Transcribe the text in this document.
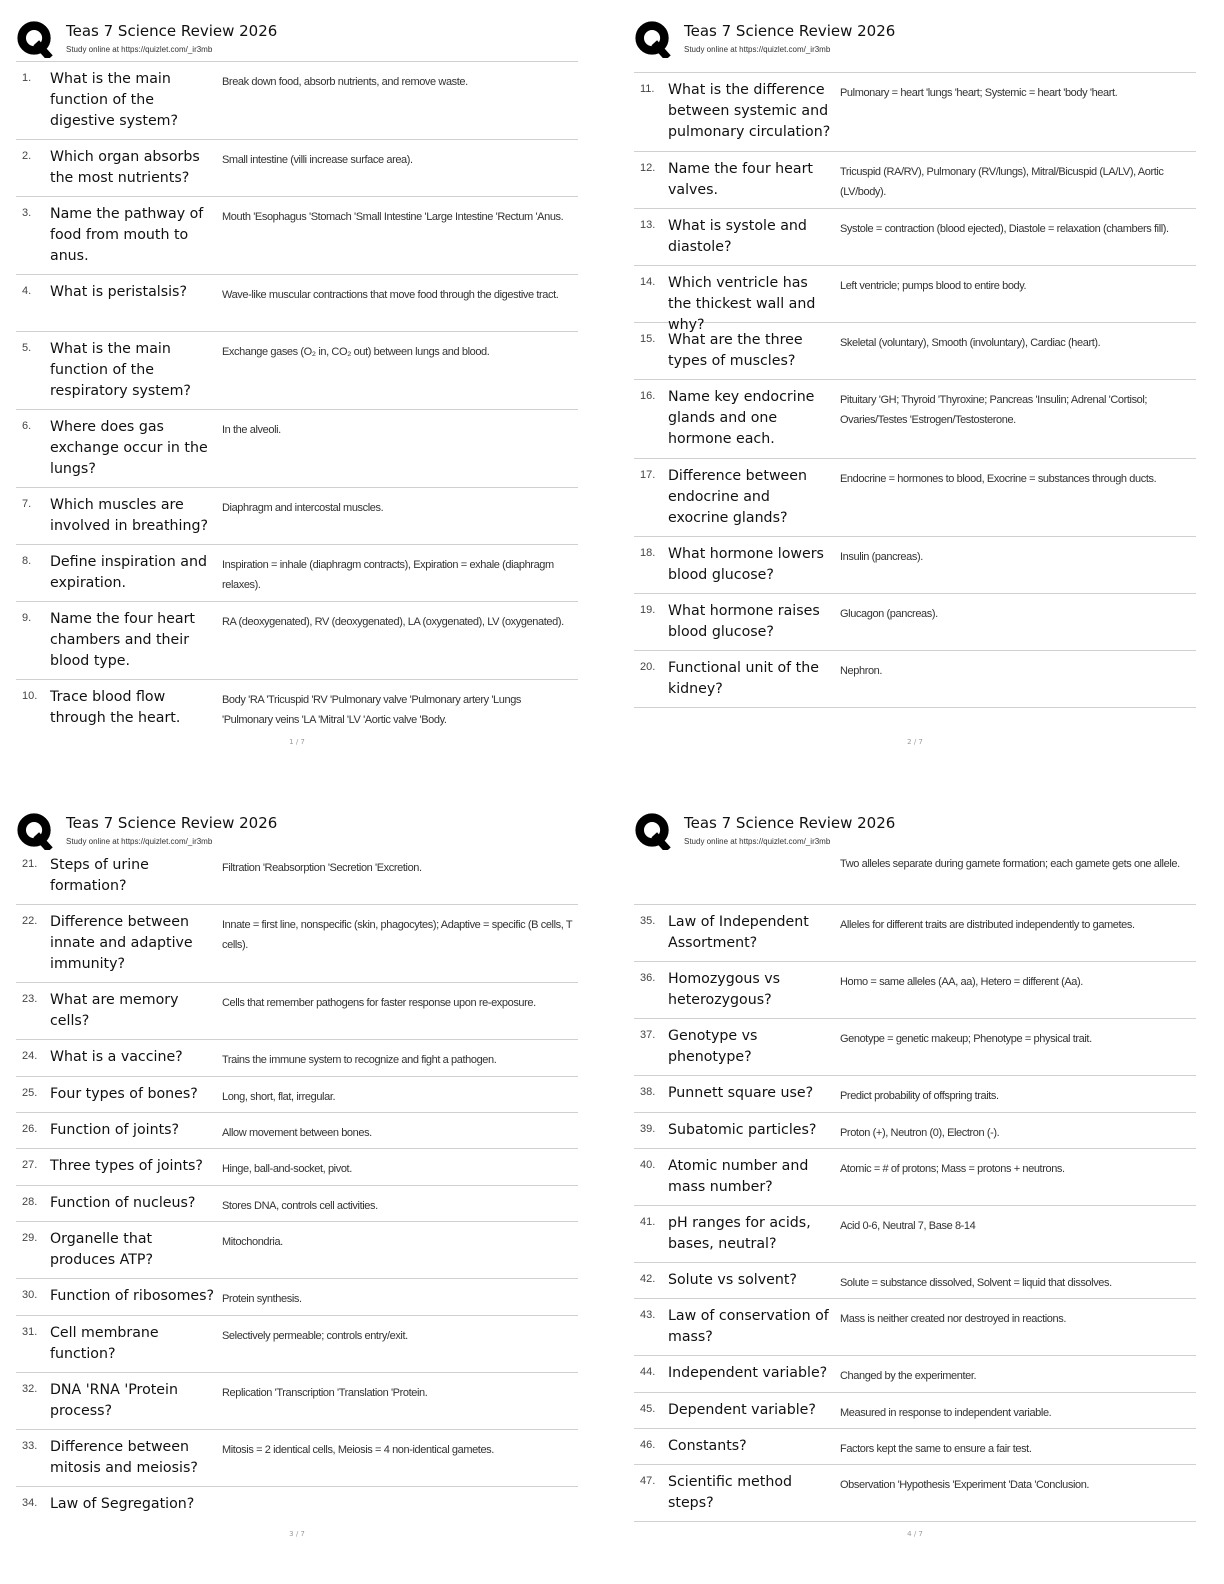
Teas 7 Science Review 2026
Study online at https://quizlet.com/_ir3mb
1. What is the main function of the digestive system?
Break down food, absorb nutrients, and remove waste.
2. Which organ absorbs the most nutrients?
Small intestine (villi increase surface area).
3. Name the pathway of food from mouth to anus.
Mouth 'Esophagus 'Stomach 'Small Intestine 'Large Intestine 'Rectum 'Anus.
4. What is peristalsis?	Wave-like muscular contractions that move food through the digestive tract.
5. What is the main function of the respiratory system?
Exchange gases (O₂ in, CO₂ out) between lungs and blood.
6. Where does gas exchange occur in the lungs?
In the alveoli.
7. Which muscles are involved in breathing?
Diaphragm and intercostal muscles.
8. Define inspiration and expiration.
Inspiration = inhale (diaphragm contracts), Expiration = exhale (diaphragm relaxes).
9. Name the four heart chambers and their blood type.
RA (deoxygenated), RV (deoxygenated), LA (oxygenated), LV (oxygenated).
10. Trace blood flow through the heart.
Body 'RA 'Tricuspid 'RV 'Pulmonary valve 'Pulmonary artery 'Lungs 'Pulmonary veins 'LA 'Mitral 'LV 'Aortic valve 'Body.
1 / 7
Teas 7 Science Review 2026
Study online at https://quizlet.com/_ir3mb
11. What is the difference between systemic and pulmonary circulation?
Pulmonary = heart 'lungs 'heart; Systemic = heart 'body 'heart.
12. Name the four heart valves.
Tricuspid (RA/RV), Pulmonary (RV/lungs), Mitral/Bicuspid (LA/LV), Aortic (LV/body).
13. What is systole and diastole?
Systole = contraction (blood ejected), Diastole = relaxation (chambers fill).
14. Which ventricle has the thickest wall and why?
Left ventricle; pumps blood to entire body.
15. What are the three types of muscles?
Skeletal (voluntary), Smooth (involuntary), Cardiac (heart).
16. Name key endocrine glands and one hormone each.
Pituitary 'GH; Thyroid 'Thyroxine; Pancreas 'Insulin; Adrenal 'Cortisol; Ovaries/Testes 'Estrogen/Testosterone.
17. Difference between endocrine and exocrine glands?
Endocrine = hormones to blood, Exocrine = substances through ducts.
18. What hormone lowers blood glucose?
Insulin (pancreas).
19. What hormone raises blood glucose?
Glucagon (pancreas).
20. Functional unit of the kidney?
Nephron.
2 / 7
Teas 7 Science Review 2026
Study online at https://quizlet.com/_ir3mb
21. Steps of urine formation?
Filtration 'Reabsorption 'Secretion 'Excretion.
22. Difference between innate and adaptive immunity?
Innate = first line, nonspecific (skin, phagocytes); Adaptive = specific (B cells, T cells).
23. What are memory cells?
Cells that remember pathogens for faster response upon re-exposure.
24. What is a vaccine?	Trains the immune system to recognize and fight a pathogen.
25. Four types of bones?	Long, short, flat, irregular.
26. Function of joints?	Allow movement between bones.
27. Three types of joints?	Hinge, ball-and-socket, pivot.
28. Function of nucleus?	Stores DNA, controls cell activities.
29. Organelle that produces ATP?
Mitochondria.
30. Function of ribosomes? Protein synthesis.
31. Cell membrane function?
Selectively permeable; controls entry/exit.
32. DNA 'RNA 'Protein process?
Replication 'Transcription 'Translation 'Protein.
33. Difference between mitosis and meiosis?
Mitosis = 2 identical cells, Meiosis = 4 non-identical gametes.
34. Law of Segregation?
3 / 7
Teas 7 Science Review 2026
Study online at https://quizlet.com/_ir3mb
Two alleles separate during gamete formation; each gamete gets one allele.
35. Law of Independent Assortment?
Alleles for different traits are distributed independently to gametes.
36. Homozygous vs heterozygous?
Homo = same alleles (AA, aa), Hetero = different (Aa).
37. Genotype vs phenotype?
Genotype = genetic makeup; Phenotype = physical trait.
38. Punnett square use?	Predict probability of offspring traits.
39. Subatomic particles?	Proton (+), Neutron (0), Electron (-).
40. Atomic number and mass number?
Atomic = # of protons; Mass = protons + neutrons.
41. pH ranges for acids, bases, neutral?
Acid 0-6, Neutral 7, Base 8-14
42. Solute vs solvent?	Solute = substance dissolved, Solvent = liquid that dissolves.
43. Law of conservation of mass?
Mass is neither created nor destroyed in reactions.
44. Independent variable?	Changed by the experimenter.
45. Dependent variable?	Measured in response to independent variable.
46. Constants?	Factors kept the same to ensure a fair test.
47. Scientific method steps?
Observation 'Hypothesis 'Experiment 'Data 'Conclusion.
4 / 7
